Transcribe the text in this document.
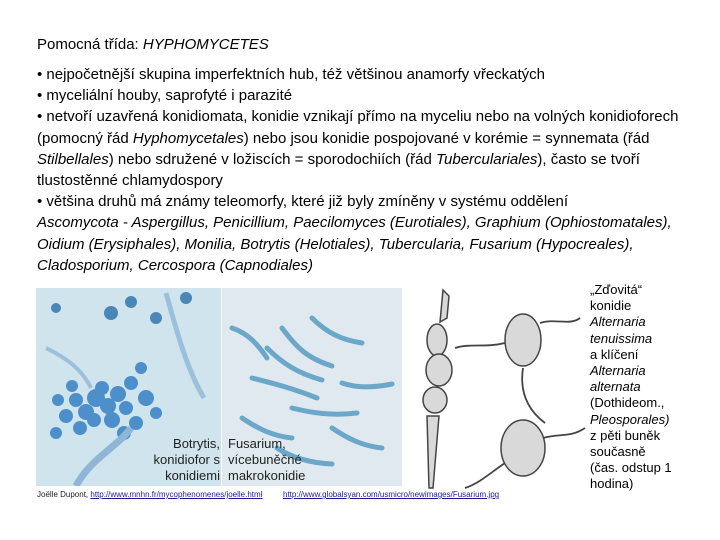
Pomocná třída: HYPHOMYCETES

• nejpočetnější skupina imperfektních hub, též většinou anamorfy vřeckatých

• myceliální houby, saprofyté i parazité

• netvoří uzavřená konidiomata, konidie vznikají přímo na myceliu nebo na volných konidioforech (pomocný řád Hyphomycetales) nebo jsou konidie pospojované v korémie = synnemata (řád Stilbellales) nebo sdružené v ložiscích = sporodochiích (řád Tuberculariales), často se tvoří tlustostěnné chlamydospory

• většina druhů má známy teleomorfy, které již byly zmíněny v systému oddělení

Ascomycota - Aspergillus, Penicillium, Paecilomyces (Eurotiales), Graphium (Ophiostomatales), Oidium (Erysiphales), Monilia, Botrytis (Helotiales), Tubercularia, Fusarium (Hypocreales), Cladosporium, Cercospora (Capnodiales)

Botrytis,
konidiofor s
konidiemi
Fusarium,
vícebuněčné
makrokonidie
Joëlle Dupont, http://www.mnhn.fr/mycophenomenes/joelle.html	http://www.globalsyan.com/usmicro/newimages/Fusarium.jpg
„Zďovitá“
konidie
Alternaria
tenuissima
a klíčení
Alternaria
alternata
(Dothideom.,
Pleosporales)
z pěti buněk
současně
(čas. odstup 1
hodina)
